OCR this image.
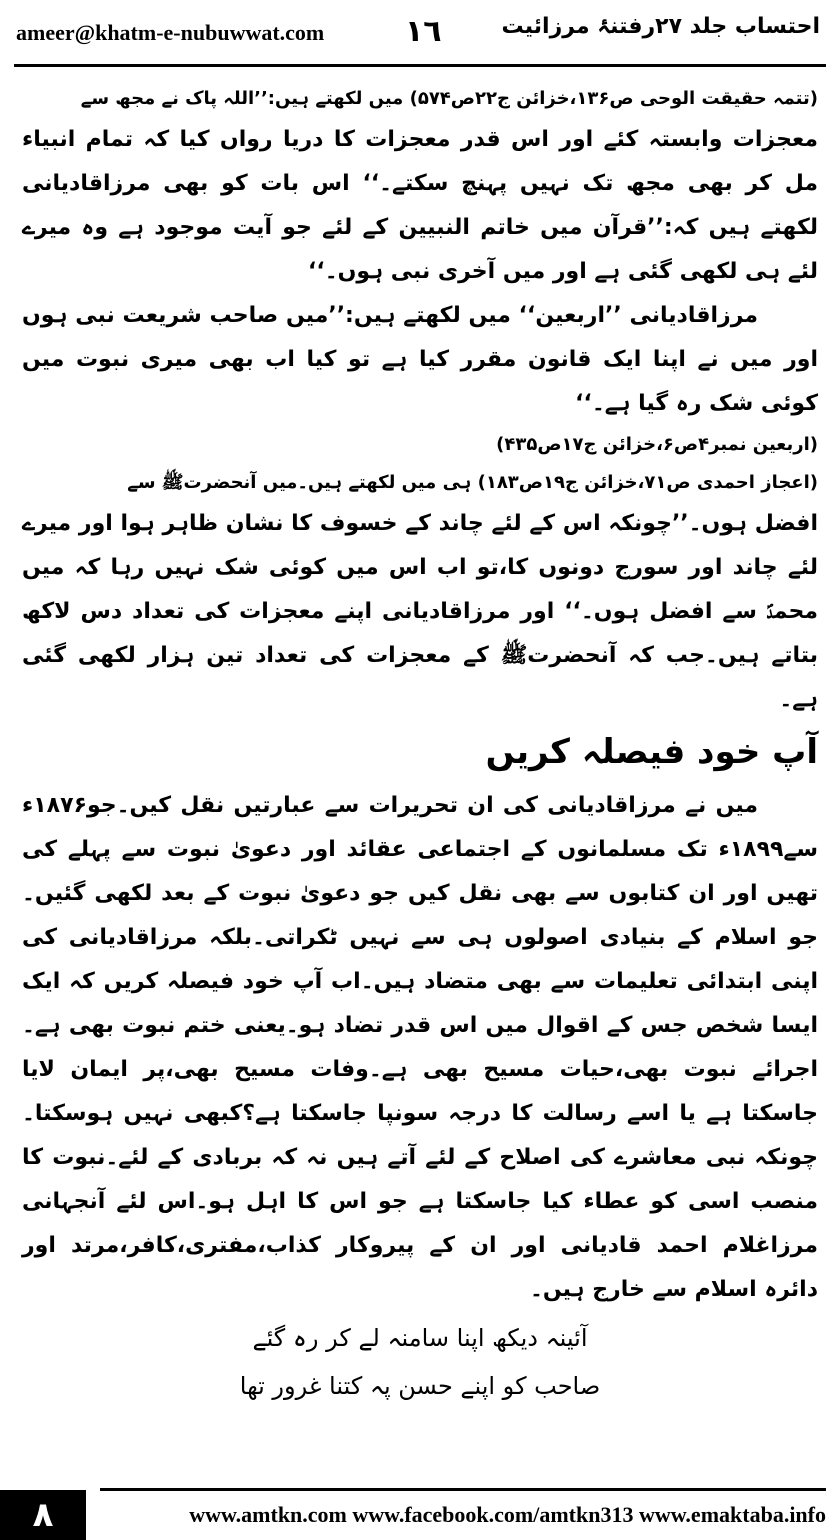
ameer@khatm-e-nubuwwat.com	١٦	احتساب جلد ۲۷رفتنۂ مرزائیت

(تتمہ حقیقت الوحی ص۱۳۶،خزائن ج۲۲ص۵۷۴) میں لکھتے ہیں:’’اللہ پاک نے مجھ سے

معجزات وابستہ کئے اور اس قدر معجزات کا دریا رواں کیا کہ تمام انبیاء مل کر بھی مجھ تک نہیں پہنچ سکتے۔‘‘ اس بات کو بھی مرزاقادیانی لکھتے ہیں کہ:’’قرآن میں خاتم النبیین کے لئے جو آیت موجود ہے وہ میرے لئے ہی لکھی گئی ہے اور میں آخری نبی ہوں۔‘‘

مرزاقادیانی ’’اربعین‘‘ میں لکھتے ہیں:’’میں صاحب شریعت نبی ہوں اور میں نے اپنا ایک قانون مقرر کیا ہے تو کیا اب بھی میری نبوت میں کوئی شک رہ گیا ہے۔‘‘

(اربعین نمبر۴ص۶،خزائن ج۱۷ص۴۳۵)

(اعجاز احمدی ص۷۱،خزائن ج۱۹ص۱۸۳) ہی میں لکھتے ہیں۔میں آنحضرتﷺ سے

افضل ہوں۔’’چونکہ اس کے لئے چاند کے خسوف کا نشان ظاہر ہوا اور میرے لئے چاند اور سورج دونوں کا،تو اب اس میں کوئی شک نہیں رہا کہ میں محمدؐ سے افضل ہوں۔‘‘ اور مرزاقادیانی اپنے معجزات کی تعداد دس لاکھ بتاتے ہیں۔جب کہ آنحضرتﷺ کے معجزات کی تعداد تین ہزار لکھی گئی ہے۔

آپ خود فیصلہ کریں

میں نے مرزاقادیانی کی ان تحریرات سے عبارتیں نقل کیں۔جو۱۸۷۶ء سے۱۸۹۹ء تک مسلمانوں کے اجتماعی عقائد اور دعویٰ نبوت سے پہلے کی تھیں اور ان کتابوں سے بھی نقل کیں جو دعویٰ نبوت کے بعد لکھی گئیں۔جو اسلام کے بنیادی اصولوں ہی سے نہیں ٹکراتی۔بلکہ مرزاقادیانی کی اپنی ابتدائی تعلیمات سے بھی متضاد ہیں۔اب آپ خود فیصلہ کریں کہ ایک ایسا شخص جس کے اقوال میں اس قدر تضاد ہو۔یعنی ختم نبوت بھی ہے۔اجرائے نبوت بھی،حیات مسیح بھی ہے۔وفات مسیح بھی،پر ایمان لایا جاسکتا ہے یا اسے رسالت کا درجہ سونپا جاسکتا ہے؟کبھی نہیں ہوسکتا۔چونکہ نبی معاشرے کی اصلاح کے لئے آتے ہیں نہ کہ بربادی کے لئے۔نبوت کا منصب اسی کو عطاء کیا جاسکتا ہے جو اس کا اہل ہو۔اس لئے آنجہانی مرزاغلام احمد قادیانی اور ان کے پیروکار کذاب،مفتری،کافر،مرتد اور دائرہ اسلام سے خارج ہیں۔

آئینہ دیکھ اپنا سامنہ لے کر رہ گئے

صاحب کو اپنے حسن پہ کتنا غرور تھا

٨	www.amtkn.com www.facebook.com/amtkn313 www.emaktaba.info
